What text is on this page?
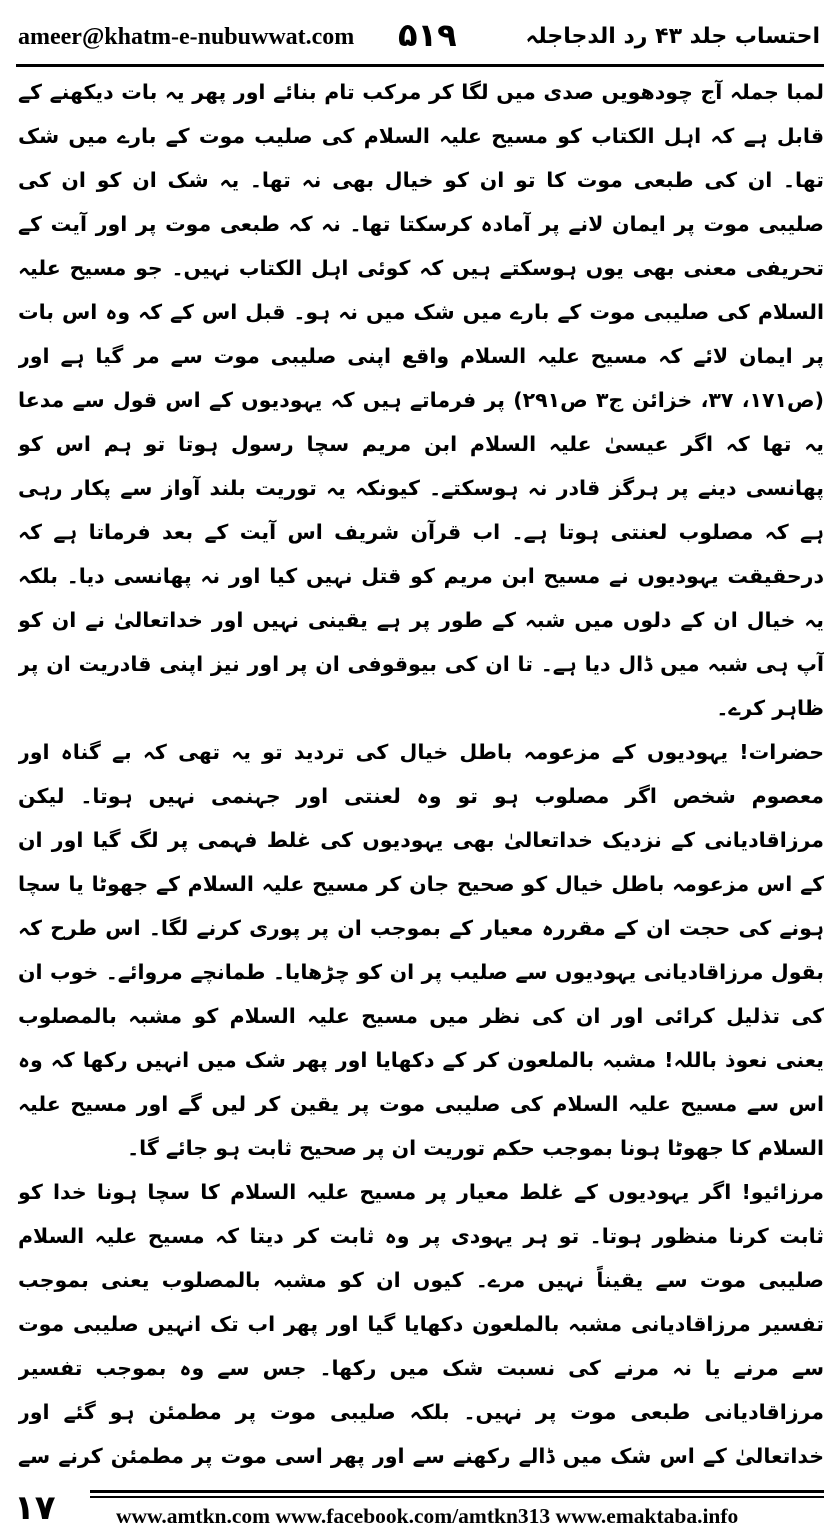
ameer@khatm-e-nubuwwat.com ۵۱۹	احتساب جلد ۴۳ رد الدجاجلہ

لمبا جملہ آج چودھویں صدی میں لگا کر مرکب تام بنائے اور پھر یہ بات دیکھنے کے قابل ہے کہ اہل الکتاب کو مسیح علیہ السلام کی صلیب موت کے بارے میں شک تھا۔ ان کی طبعی موت کا تو ان کو خیال بھی نہ تھا۔ یہ شک ان کو ان کی صلیبی موت پر ایمان لانے پر آمادہ کرسکتا تھا۔ نہ کہ طبعی موت پر اور آیت کے تحریفی معنی بھی یوں ہوسکتے ہیں کہ کوئی اہل الکتاب نہیں۔ جو مسیح علیہ السلام کی صلیبی موت کے بارے میں شک میں نہ ہو۔ قبل اس کے کہ وہ اس بات پر ایمان لائے کہ مسیح علیہ السلام واقع اپنی صلیبی موت سے مر گیا ہے اور (ص۱۷۱، ۳۷، خزائن ج۳ ص۲۹۱) پر فرماتے ہیں کہ یہودیوں کے اس قول سے مدعا یہ تھا کہ اگر عیسیٰ علیہ السلام ابن مریم سچا رسول ہوتا تو ہم اس کو پھانسی دینے پر ہرگز قادر نہ ہوسکتے۔ کیونکہ یہ توریت بلند آواز سے پکار رہی ہے کہ مصلوب لعنتی ہوتا ہے۔ اب قرآن شریف اس آیت کے بعد فرماتا ہے کہ درحقیقت یہودیوں نے مسیح ابن مریم کو قتل نہیں کیا اور نہ پھانسی دیا۔ بلکہ یہ خیال ان کے دلوں میں شبہ کے طور پر ہے یقینی نہیں اور خداتعالیٰ نے ان کو آپ ہی شبہ میں ڈال دیا ہے۔ تا ان کی بیوقوفی ان پر اور نیز اپنی قادریت ان پر ظاہر کرے۔

حضرات! یہودیوں کے مزعومہ باطل خیال کی تردید تو یہ تھی کہ بے گناہ اور معصوم شخص اگر مصلوب ہو تو وہ لعنتی اور جہنمی نہیں ہوتا۔ لیکن مرزاقادیانی کے نزدیک خداتعالیٰ بھی یہودیوں کی غلط فہمی پر لگ گیا اور ان کے اس مزعومہ باطل خیال کو صحیح جان کر مسیح علیہ السلام کے جھوٹا یا سچا ہونے کی حجت ان کے مقررہ معیار کے بموجب ان پر پوری کرنے لگا۔ اس طرح کہ بقول مرزاقادیانی یہودیوں سے صلیب پر ان کو چڑھایا۔ طمانچے مروائے۔ خوب ان کی تذلیل کرائی اور ان کی نظر میں مسیح علیہ السلام کو مشبہ بالمصلوب یعنی نعوذ باللہ! مشبہ بالملعون کر کے دکھایا اور پھر شک میں انہیں رکھا کہ وہ اس سے مسیح علیہ السلام کی صلیبی موت پر یقین کر لیں گے اور مسیح علیہ السلام کا جھوٹا ہونا بموجب حکم توریت ان پر صحیح ثابت ہو جائے گا۔

مرزائیو! اگر یہودیوں کے غلط معیار پر مسیح علیہ السلام کا سچا ہونا خدا کو ثابت کرنا منظور ہوتا۔ تو ہر یہودی پر وہ ثابت کر دیتا کہ مسیح علیہ السلام صلیبی موت سے یقیناً نہیں مرے۔ کیوں ان کو مشبہ بالمصلوب یعنی بموجب تفسیر مرزاقادیانی مشبہ بالملعون دکھایا گیا اور پھر اب تک انہیں صلیبی موت سے مرنے یا نہ مرنے کی نسبت شک میں رکھا۔ جس سے وہ بموجب تفسیر مرزاقادیانی طبعی موت پر نہیں۔ بلکہ صلیبی موت پر مطمئن ہو گئے اور خداتعالیٰ کے اس شک میں ڈالے رکھنے سے اور پھر اسی موت پر مطمئن کرنے سے

۱۷	www.amtkn.com www.facebook.com/amtkn313 www.emaktaba.info
